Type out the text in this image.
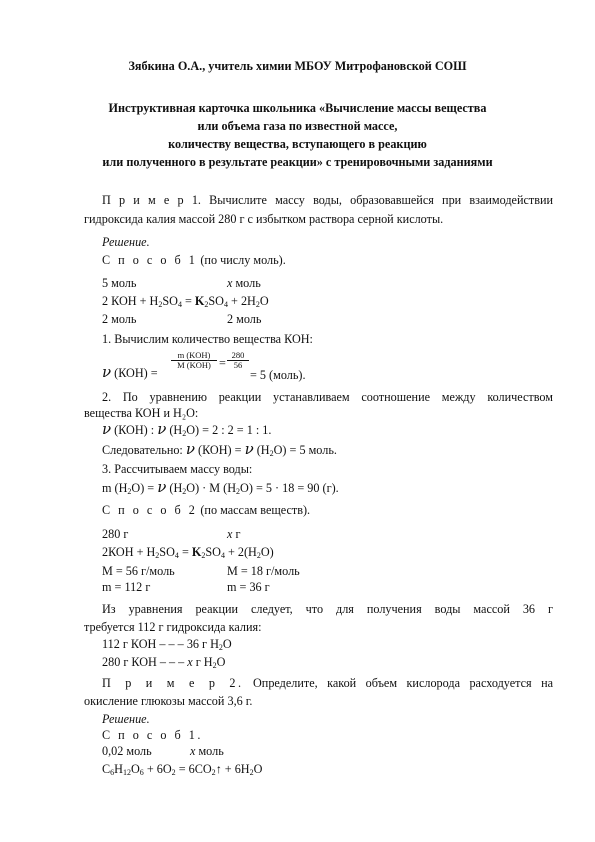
Зябкина О.А., учитель химии МБОУ Митрофановской СОШ
Инструктивная карточка школьника «Вычисление массы вещества
или объема газа по известной массе,
количеству вещества, вступающего в реакцию
или полученного в результате реакции» с тренировочными заданиями
П р и м е р 1. Вычислите массу воды, образовавшейся при взаимодействии
гидроксида калия массой 280 г с избытком раствора серной кислоты.
Решение.
С п о с о б 1 (по числу моль).
5 моль	x моль
2 КОН + $Н_2SO_4 = K_2SO_4 + 2Н_2О$
2 моль	2 моль
1. Вычислим количество вещества КОН:
m (KOH)
M $(KOH) = \frac{280}{56}$
ν (КОН) =	= 5 (моль).
2. По уравнению реакции устанавливаем соотношение между количеством
вещества КОН и Н₂О:
ν (КОН) : ν $(Н_2О) = 2$ : 2 = 1 : 1.
Следовательно: ν (КОН) = ν $(Н_2О) = 5$ моль.
3. Рассчитываем массу воды:
m $(Н_2О) = \nu$ $(Н_2О) \cdot М$ $(Н_2О) = 5 \cdot 18 = 90$ (г).
С п о с о б 2 (по массам веществ).
280 г	x г
$2КОН + Н_2SO_4 = K_2SO_4 + 2(Н_2О)$
M = 56 г/моль	M = 18 г/моль
m = 112 г	m = 36 г
Из уравнения реакции следует, что для получения воды массой 36 г
требуется 112 г гидроксида калия:
112 г КОН – – – 36 г $Н_2О$
280 г КОН – – – x г $Н_2О$
П р и м е р 2. Определите, какой объем кислорода расходуется на
окисление глюкозы массой 3,6 г.
Решение.
С п о с о б 1.
0,02 моль	x моль
$С_6Н_{12}О_6 + 6О_2$ = $6СО_2↑ + 6Н_2О$
